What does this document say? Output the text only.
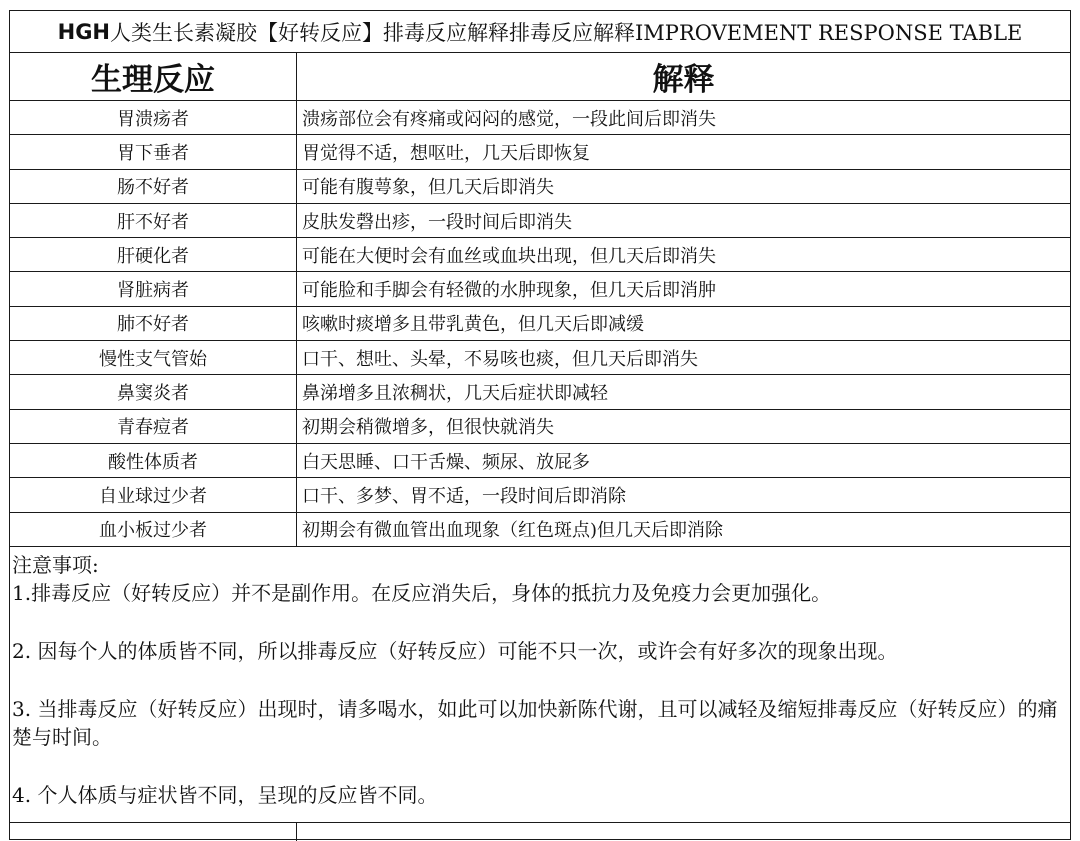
HGH 人类生长素凝胶【好转反应】排毒反应解释排毒反应解释IMPROVEMENT RESPONSE TABLE
生理反应	解释
胃溃疡者	溃疡部位会有疼痛或闷闷的感觉，一段此间后即消失
胃下垂者	胃觉得不适，想呕吐，几天后即恢复
肠不好者	可能有腹萼象，但几天后即消失
肝不好者	皮肤发磬出疹，一段时间后即消失
肝硬化者	可能在大便时会有血丝或血块出现，但几天后即消失
肾脏病者	可能脸和手脚会有轻微的水肿现象，但几天后即消肿
肺不好者	咳嗽时痰增多且带乳黄色，但几天后即减缓
慢性支气管始	口干、想吐、头晕，不易咳也痰，但几天后即消失
鼻窦炎者	鼻涕增多且浓稠状，几天后症状即减轻
青春痘者	初期会稍微增多，但很快就消失
酸性体质者	白天思睡、口干舌燥、频尿、放屁多
自业球过少者	口干、多梦、胃不适，一段时间后即消除
血小板过少者	初期会有微血管出血现象（红色斑点)但几天后即消除
注意事项:
1.排毒反应（好转反应）并不是副作用。在反应消失后，身体的抵抗力及免疫力会更加强化。
2. 因每个人的体质皆不同，所以排毒反应（好转反应）可能不只一次，或许会有好多次的现象出现。
3. 当排毒反应（好转反应）出现时，请多喝水，如此可以加快新陈代谢，且可以减轻及缩短排毒反应（好转反应）的痛楚与时间。
4. 个人体质与症状皆不同，呈现的反应皆不同。
